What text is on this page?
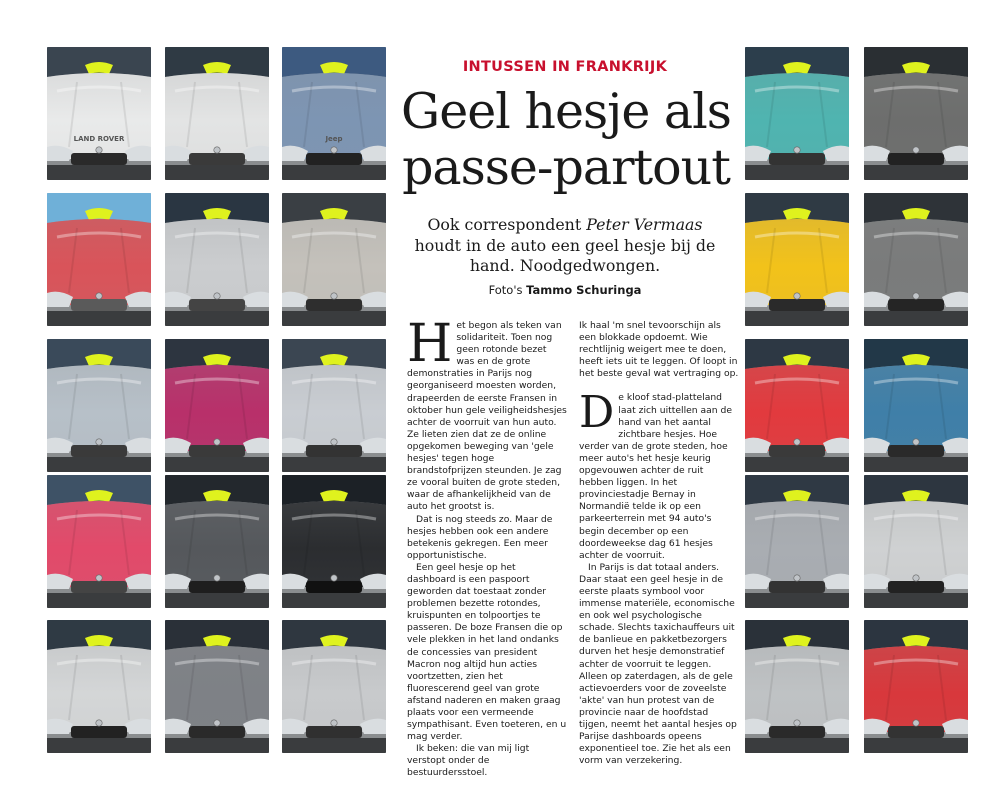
LAND ROVER	Jeep
INTUSSEN IN FRANKRIJK
Geel hesje als
passe-partout
Ook correspondent Peter Vermaas houdt in de auto een geel hesje bij de hand. Noodgedwongen.
Foto's Tammo Schuringa

Het begon als teken van solidariteit. Toen nog geen rotonde bezet was en de grote demonstraties in Parijs nog georganiseerd moesten worden, drapeerden de eerste Fransen in oktober hun gele veiligheidshesjes achter de voorruit van hun auto. Ze lieten zien dat ze de online opgekomen beweging van 'gele hesjes' tegen hoge brandstofprijzen steunden. Je zag ze vooral buiten de grote steden, waar de afhankelijkheid van de auto het grootst is.

Dat is nog steeds zo. Maar de hesjes hebben ook een andere betekenis gekregen. Een meer opportunistische.

Een geel hesje op het dashboard is een paspoort geworden dat toestaat zonder problemen bezette rotondes, kruispunten en tolpoortjes te passeren. De boze Fransen die op vele plekken in het land ondanks de concessies van president Macron nog altijd hun acties voortzetten, zien het fluorescerend geel van grote afstand naderen en maken graag plaats voor een vermeende sympathisant. Even toeteren, en u mag verder.

Ik beken: die van mij ligt verstopt onder de bestuurdersstoel.

Ik haal 'm snel tevoorschijn als een blokkade opdoemt. Wie rechtlijnig weigert mee te doen, heeft iets uit te leggen. Of loopt in het beste geval wat vertraging op.

De kloof stad-platteland laat zich uittellen aan de hand van het aantal zichtbare hesjes. Hoe verder van de grote steden, hoe meer auto's het hesje keurig opgevouwen achter de ruit hebben liggen. In het provinciestadje Bernay in Normandië telde ik op een parkeerterrein met 94 auto's begin december op een doordeweekse dag 61 hesjes achter de voorruit.

In Parijs is dat totaal anders. Daar staat een geel hesje in de eerste plaats symbool voor immense materiële, economische en ook wel psychologische schade. Slechts taxichauffeurs uit de banlieue en pakketbezorgers durven het hesje demonstratief achter de voorruit te leggen. Alleen op zaterdagen, als de gele actievoerders voor de zoveelste 'akte' van hun protest van de provincie naar de hoofdstad tijgen, neemt het aantal hesjes op Parijse dashboards opeens exponentieel toe. Zie het als een vorm van verzekering.
